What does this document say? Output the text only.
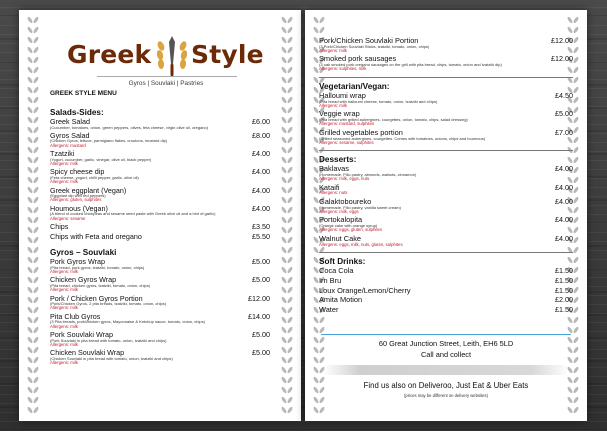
Greek Style
Gyros | Souvlaki | Pastries
GREEK STYLE MENU
Salads-Sides:
Greek Salad	£6.00
(Cucumber, tomatoes, onion, green peppers, olives, feta cheese, virgin olive oil, oregano)
Gyros Salad	£8.00
(Chicken Gyros, lettuce, parmigiano flakes, croutons, mustard dip)
Allergens: mustard
Tzatziki	£4.00
(Yogurt, cucumber, garlic, vinegar, olive oil, black pepper)
Allergens: milk
Spicy cheese dip	£4.00
(Feta cheese, yogurt, chilli pepper, garlic, olive oil)
Allergens: milk
Greek eggplant (Vegan)	£4.00
(Eggplant dip with red peppers)
Allergens: gluten, sulphites
Houmous (Vegan)	£4.00
(A blend of cooked chickpeas and sesame seed paste with Greek olive oil and a hint of garlic)
Allergens: sesame
Chips	£3.50
Chips with Feta and oregano	£5.50
Gyros – Souvlaki
Pork Gyros Wrap	£5.00
(Pita bread, pork gyros, tzatziki, tomato, onion, chips)
Allergens: milk
Chicken Gyros Wrap	£5.00
(Pita bread, chicken gyros, tzatziki, tomato, onion, chips)
Allergens: milk
Pork / Chicken Gyros Portion	£12.00
(Pork/Chicken Gyros, 2 pita breads, tzatziki, tomato, onion, chips)
Allergens: milk
Pita Club Gyros	£14.00
(3 Pita breads, pork/chicken gyros, Mayonnaise & Ketchup sauce, tomato, onion, chips)
Allergens: milk
Pork Souvlaki Wrap	£5.00
(Pork Souvlaki in pita bread with tomato, onion, tzatziki and chips)
Allergens: milk
Chicken Souvlaki Wrap	£5.00
(Chicken Souvlaki in pita bread with tomato, onion, tzatziki and chips)
Allergens: milk
Pork/Chicken Souvlaki Portion	£12.00
(3 Pork/Chicken Souvlaki Sticks, tzatziki, tomato, onion, chips)
Allergens: milk
Smoked pork sausages	£12.00
(3 oak smoked pork oregano sausages on the grill with pita bread, chips, tomato, onion and tzatziki dip)
Allergens: sulphites, milk
Vegetarian/Vegan:
Halloumi wrap	£4.50
(Pita bread with halloumi cheese, tomato, onion, tzatziki and chips)
Allergens: milk
Veggie wrap	£5.00
(Pita bread with grilled aubergines, courgettes, onion, tomato, chips, salad dressing)
Allergens: mustard, sulphites
Grilled vegetables portion	£7.00
(Grilled seasoned aubergines, courgettes. Comes with tomatoes, onions, chips and houmous)
Allergens: sesame, sulphites
Desserts:
Baklavas	£4.00
(Homemade, Fillo pastry, almonds, walnuts, cinnamon)
Allergens: milk, eggs, nuts
Kataifi	£4.00
Allergens: nuts
Galaktoboureko	£4.00
(Homemade, Fillo pastry, vanilla sweet cream)
Allergens: milk, eggs
Portokalopita	£4.00
(Orange cake with orange syrup)
Allergens: eggs, gluten, sulphites
Walnut Cake	£4.00
Allergens: eggs, milk, nuts, gluten, sulphites
Soft Drinks:
Coca Cola	£1.50
Irn Bru	£1.50
Loux Orange/Lemon/Cherry	£1.50
Amita Motion	£2.00
Water	£1.50
60 Great Junction Street, Leith, EH6 5LD
Call and collect
Find us also on Deliveroo, Just Eat & Uber Eats
(prices may be different on delivery websites)
